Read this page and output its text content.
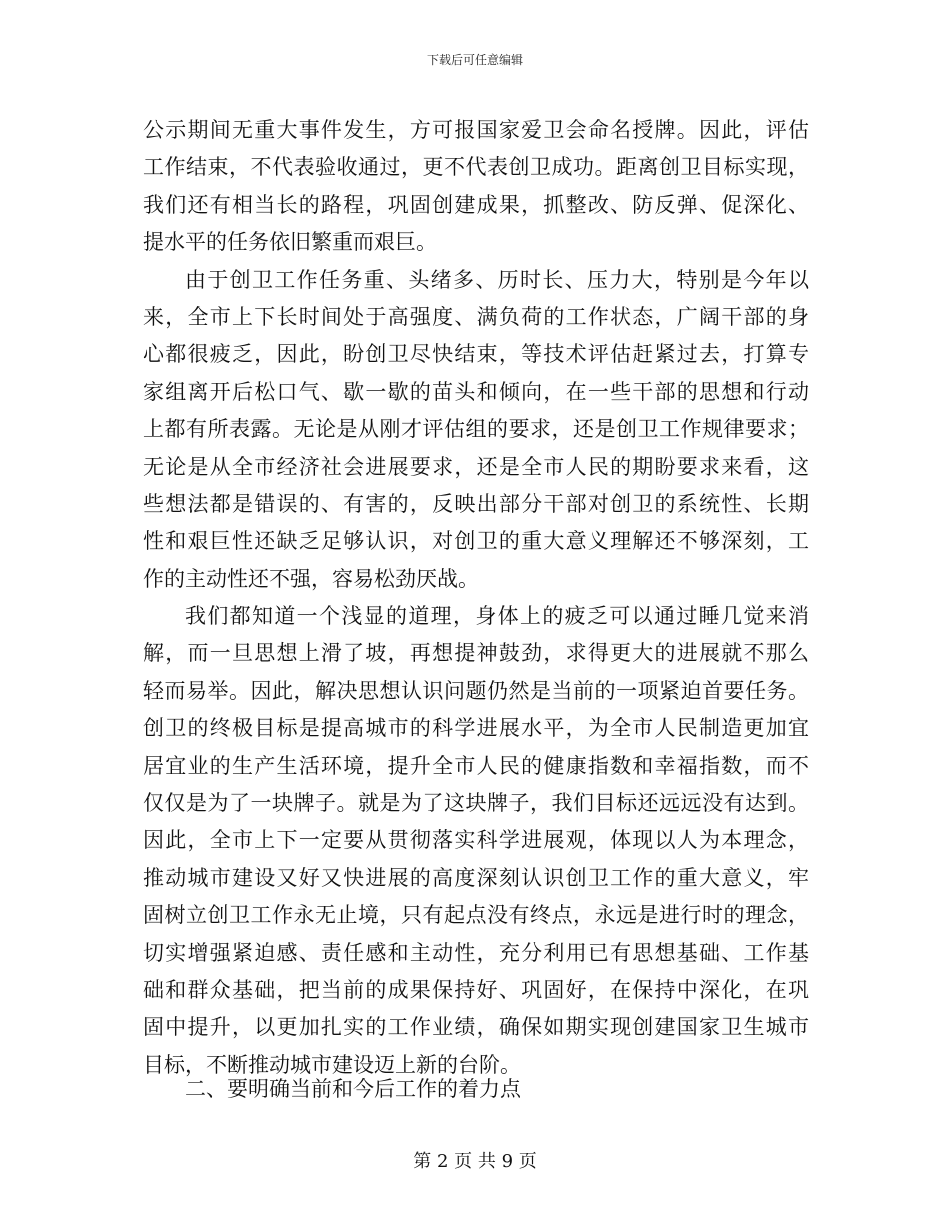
下载后可任意编辑
公示期间无重大事件发生，方可报国家爱卫会命名授牌。因此，评估
工作结束，不代表验收通过，更不代表创卫成功。距离创卫目标实现，
我们还有相当长的路程，巩固创建成果，抓整改、防反弹、促深化、
提水平的任务依旧繁重而艰巨。
由于创卫工作任务重、头绪多、历时长、压力大，特别是今年以
来，全市上下长时间处于高强度、满负荷的工作状态，广阔干部的身
心都很疲乏，因此，盼创卫尽快结束，等技术评估赶紧过去，打算专
家组离开后松口气、歇一歇的苗头和倾向，在一些干部的思想和行动
上都有所表露。无论是从刚才评估组的要求，还是创卫工作规律要求；
无论是从全市经济社会进展要求，还是全市人民的期盼要求来看，这
些想法都是错误的、有害的，反映出部分干部对创卫的系统性、长期
性和艰巨性还缺乏足够认识，对创卫的重大意义理解还不够深刻，工
作的主动性还不强，容易松劲厌战。
我们都知道一个浅显的道理，身体上的疲乏可以通过睡几觉来消
解，而一旦思想上滑了坡，再想提神鼓劲，求得更大的进展就不那么
轻而易举。因此，解决思想认识问题仍然是当前的一项紧迫首要任务。
创卫的终极目标是提高城市的科学进展水平，为全市人民制造更加宜
居宜业的生产生活环境，提升全市人民的健康指数和幸福指数，而不
仅仅是为了一块牌子。就是为了这块牌子，我们目标还远远没有达到。
因此，全市上下一定要从贯彻落实科学进展观，体现以人为本理念，
推动城市建设又好又快进展的高度深刻认识创卫工作的重大意义，牢
固树立创卫工作永无止境，只有起点没有终点，永远是进行时的理念，
切实增强紧迫感、责任感和主动性，充分利用已有思想基础、工作基
础和群众基础，把当前的成果保持好、巩固好，在保持中深化，在巩
固中提升，以更加扎实的工作业绩，确保如期实现创建国家卫生城市
目标，不断推动城市建设迈上新的台阶。
二、要明确当前和今后工作的着力点
第 2 页 共 9 页
